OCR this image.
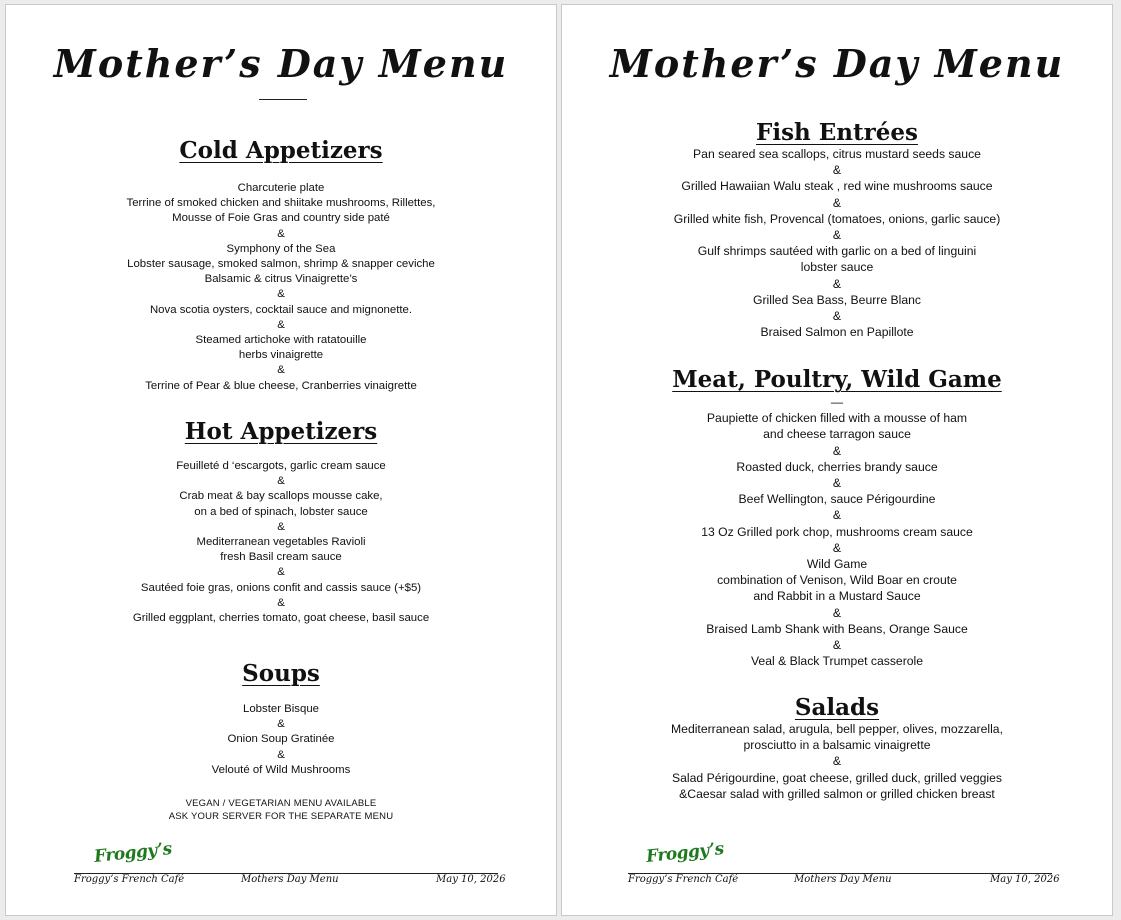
Mother’s Day Menu
Cold Appetizers
Charcuterie plate
Terrine of smoked chicken and shiitake mushrooms, Rillettes,
Mousse of Foie Gras and country side paté
&
Symphony of the Sea
Lobster sausage, smoked salmon, shrimp & snapper ceviche
Balsamic & citrus Vinaigrette’s
&
Nova scotia oysters, cocktail sauce and mignonette.
&
Steamed artichoke with ratatouille
herbs vinaigrette
&
Terrine of Pear & blue cheese, Cranberries vinaigrette
Hot Appetizers
Feuilleté d ‘escargots, garlic cream sauce
&
Crab meat & bay scallops mousse cake,
on a bed of spinach, lobster sauce
&
Mediterranean vegetables Ravioli
fresh Basil cream sauce
&
Sautéed foie gras, onions confit and cassis sauce (+$5)
&
Grilled eggplant, cherries tomato, goat cheese, basil sauce
Soups
Lobster Bisque
&
Onion Soup Gratinée
&
Velouté of Wild Mushrooms
VEGAN / VEGETARIAN MENU AVAILABLE
ASK YOUR SERVER FOR THE SEPARATE MENU
Froggy’s
Froggy’s French Café	Mothers Day Menu	May 10, 2026
Mother’s Day Menu
Fish Entrées
Pan seared sea scallops, citrus mustard seeds sauce
&
Grilled Hawaiian Walu steak , red wine mushrooms sauce
&
Grilled white fish, Provencal (tomatoes, onions, garlic sauce)
&
Gulf shrimps sautéed with garlic on a bed of linguini
lobster sauce
&
Grilled Sea Bass, Beurre Blanc
&
Braised Salmon en Papillote
Meat, Poultry, Wild Game
—
Paupiette of chicken filled with a mousse of ham
and cheese tarragon sauce
&
Roasted duck, cherries brandy sauce
&
Beef Wellington, sauce Périgourdine
&
13 Oz Grilled pork chop, mushrooms cream sauce
&
Wild Game
combination of Venison, Wild Boar en croute
and Rabbit in a Mustard Sauce
&
Braised Lamb Shank with Beans, Orange Sauce
&
Veal & Black Trumpet casserole
Salads
Mediterranean salad, arugula, bell pepper, olives, mozzarella,
prosciutto in a balsamic vinaigrette
&
Salad Périgourdine, goat cheese, grilled duck, grilled veggies
&Caesar salad with grilled salmon or grilled chicken breast
Froggy’s
Froggy’s French Café	Mothers Day Menu	May 10, 2026
